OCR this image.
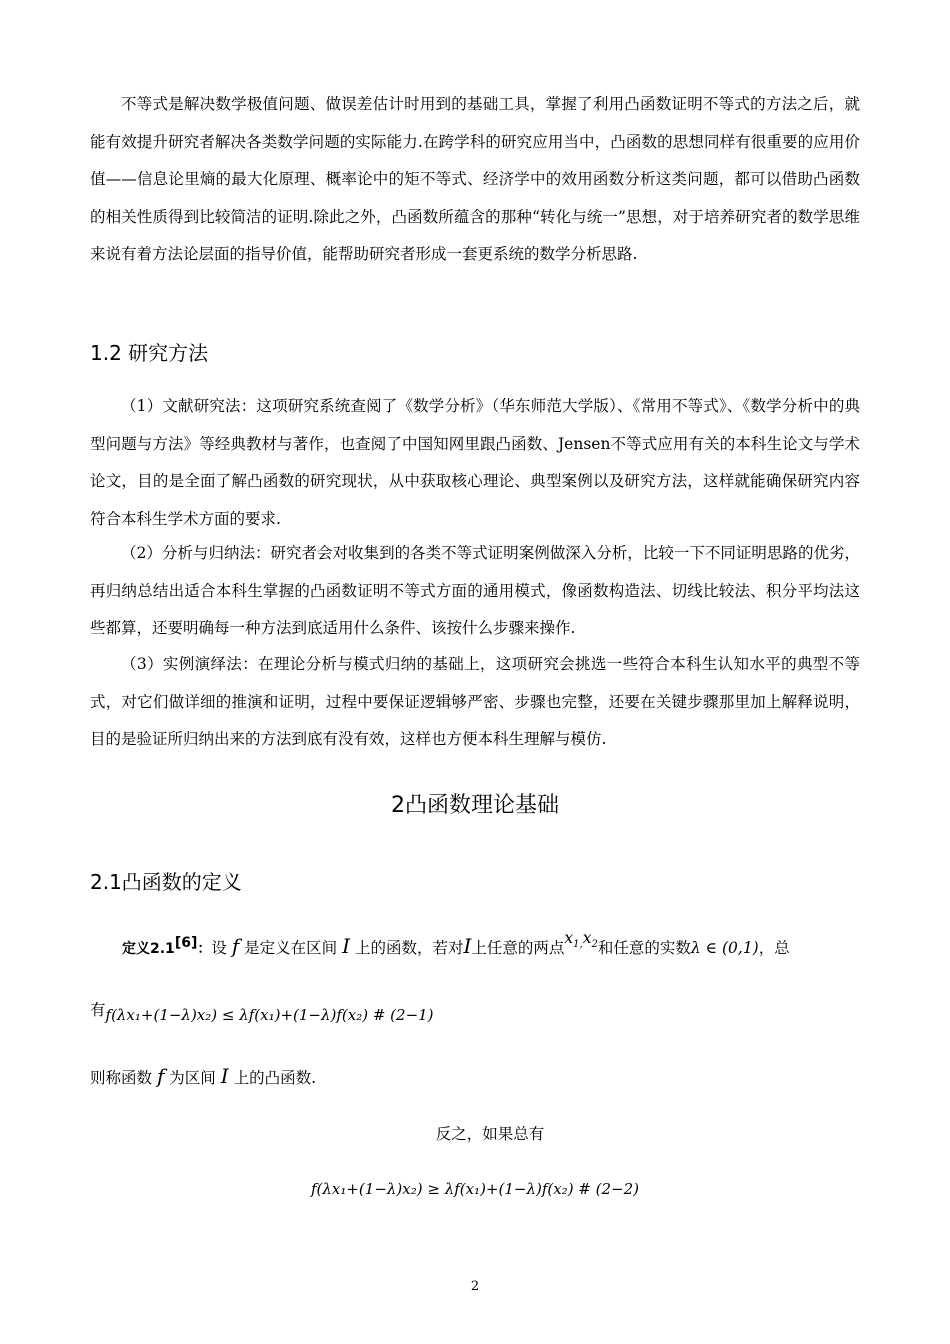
不等式是解决数学极值问题、做误差估计时用到的基础工具，掌握了利用凸函数证明不等式的方法之后，就能有效提升研究者解决各类数学问题的实际能力.在跨学科的研究应用当中，凸函数的思想同样有很重要的应用价值——信息论里熵的最大化原理、概率论中的矩不等式、经济学中的效用函数分析这类问题，都可以借助凸函数的相关性质得到比较简洁的证明.除此之外，凸函数所蕴含的那种“转化与统一”思想，对于培养研究者的数学思维来说有着方法论层面的指导价值，能帮助研究者形成一套更系统的数学分析思路.

1.2 研究方法

（1）文献研究法：这项研究系统查阅了《数学分析》（华东师范大学版）、《常用不等式》、《数学分析中的典型问题与方法》等经典教材与著作，也查阅了中国知网里跟凸函数、Jensen不等式应用有关的本科生论文与学术论文，目的是全面了解凸函数的研究现状，从中获取核心理论、典型案例以及研究方法，这样就能确保研究内容符合本科生学术方面的要求.

（2）分析与归纳法：研究者会对收集到的各类不等式证明案例做深入分析，比较一下不同证明思路的优劣，再归纳总结出适合本科生掌握的凸函数证明不等式方面的通用模式，像函数构造法、切线比较法、积分平均法这些都算，还要明确每一种方法到底适用什么条件、该按什么步骤来操作.

（3）实例演绎法：在理论分析与模式归纳的基础上，这项研究会挑选一些符合本科生认知水平的典型不等式，对它们做详细的推演和证明，过程中要保证逻辑够严密、步骤也完整，还要在关键步骤那里加上解释说明，目的是验证所归纳出来的方法到底有没有效，这样也方便本科生理解与模仿.

2凸函数理论基础
2.1凸函数的定义
定义2.1[6]：设 f 是定义在区间 I 上的函数，若对I上任意的两点$x_{1,}x_2$和任意的实数λ ∈ (0,1)，总
有f(λx₁+(1−λ)x₂) ≤ λf(x₁)+(1−λ)f(x₂) # (2−1)
则称函数 f 为区间 I 上的凸函数.
反之，如果总有
f(λx₁+(1−λ)x₂) ≥ λf(x₁)+(1−λ)f(x₂) # (2−2)
2
